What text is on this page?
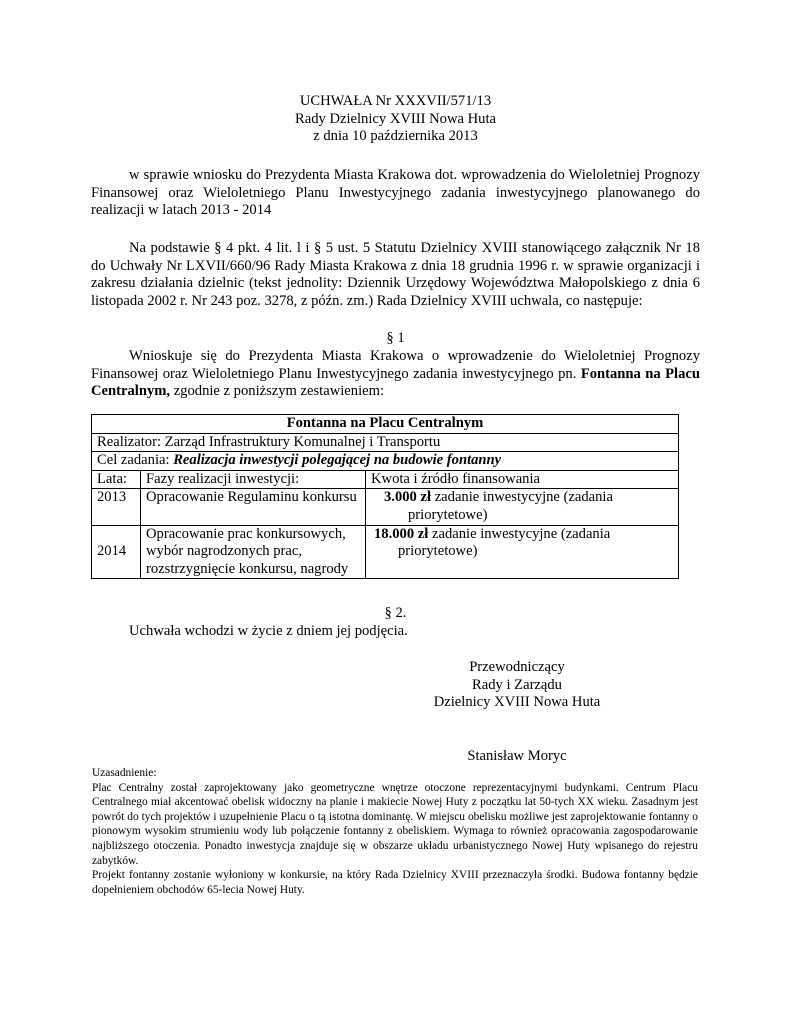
UCHWAŁA Nr XXXVII/571/13
Rady Dzielnicy XVIII Nowa Huta
z dnia 10 października 2013
w sprawie wniosku do Prezydenta Miasta Krakowa dot. wprowadzenia do Wieloletniej Prognozy Finansowej oraz Wieloletniego Planu Inwestycyjnego zadania inwestycyjnego planowanego do realizacji w latach 2013 - 2014
Na podstawie § 4 pkt. 4 lit. l i § 5 ust. 5 Statutu Dzielnicy XVIII stanowiącego załącznik Nr 18 do Uchwały Nr LXVII/660/96 Rady Miasta Krakowa z dnia 18 grudnia 1996 r. w sprawie organizacji i zakresu działania dzielnic (tekst jednolity: Dziennik Urzędowy Województwa Małopolskiego z dnia 6 listopada 2002 r. Nr 243 poz. 3278, z późn. zm.) Rada Dzielnicy XVIII uchwala, co następuje:
§ 1
Wnioskuje się do Prezydenta Miasta Krakowa o wprowadzenie do Wieloletniej Prognozy Finansowej oraz Wieloletniego Planu Inwestycyjnego zadania inwestycyjnego pn. Fontanna na Placu Centralnym, zgodnie z poniższym zestawieniem:
Fontanna na Placu Centralnym		
Realizator: Zarząd Infrastruktury Komunalnej i Transportu		
Cel zadania: Realizacja inwestycji polegającej na budowie fontanny		
Lata:	Fazy realizacji inwestycji:	Kwota i źródło finansowania
2013	Opracowanie Regulaminu konkursu	3.000 zł zadanie inwestycyjne (zadania priorytetowe)

2014	Opracowanie prac konkursowych, wybór nagrodzonych prac, rozstrzygnięcie konkursu, nagrody	18.000 zł zadanie inwestycyjne (zadania priorytetowe)
§ 2.
Uchwała wchodzi w życie z dniem jej podjęcia.
Przewodniczący
Rady i Zarządu
Dzielnicy XVIII Nowa Huta
Stanisław Moryc

Uzasadnienie:

Plac Centralny został zaprojektowany jako geometryczne wnętrze otoczone reprezentacyjnymi budynkami. Centrum Placu Centralnego miał akcentować obelisk widoczny na planie i makiecie Nowej Huty z początku lat 50-tych XX wieku. Zasadnym jest powrót do tych projektów i uzupełnienie Placu o tą istotna dominantę. W miejscu obelisku możliwe jest zaprojektowanie fontanny o pionowym wysokim strumieniu wody lub połączenie fontanny z obeliskiem. Wymaga to również opracowania zagospodarowanie najbliższego otoczenia. Ponadto inwestycja znajduje się w obszarze układu urbanistycznego Nowej Huty wpisanego do rejestru zabytków.

Projekt fontanny zostanie wyłoniony w konkursie, na który Rada Dzielnicy XVIII przeznaczyła środki. Budowa fontanny będzie dopełnieniem obchodów 65-lecia Nowej Huty.
